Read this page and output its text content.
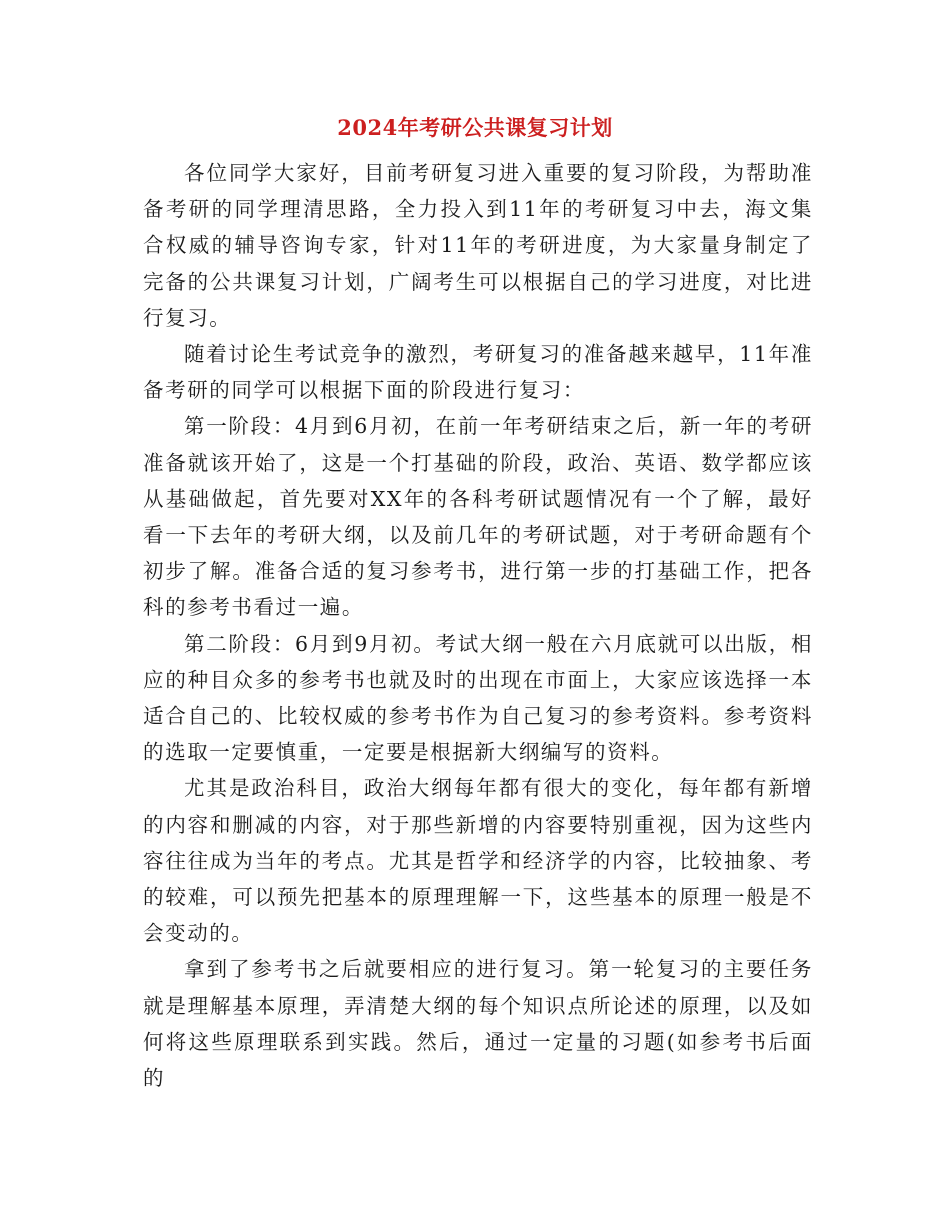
2024年考研公共课复习计划

各位同学大家好，目前考研复习进入重要的复习阶段，为帮助准备考研的同学理清思路，全力投入到11年的考研复习中去，海文集合权威的辅导咨询专家，针对11年的考研进度，为大家量身制定了完备的公共课复习计划，广阔考生可以根据自己的学习进度，对比进行复习。

随着讨论生考试竞争的激烈，考研复习的准备越来越早，11年准备考研的同学可以根据下面的阶段进行复习：

第一阶段：4月到6月初，在前一年考研结束之后，新一年的考研准备就该开始了，这是一个打基础的阶段，政治、英语、数学都应该从基础做起，首先要对XX年的各科考研试题情况有一个了解，最好看一下去年的考研大纲，以及前几年的考研试题，对于考研命题有个初步了解。准备合适的复习参考书，进行第一步的打基础工作，把各科的参考书看过一遍。

第二阶段：6月到9月初。考试大纲一般在六月底就可以出版，相应的种目众多的参考书也就及时的出现在市面上，大家应该选择一本适合自己的、比较权威的参考书作为自己复习的参考资料。参考资料的选取一定要慎重，一定要是根据新大纲编写的资料。

尤其是政治科目，政治大纲每年都有很大的变化，每年都有新增的内容和删减的内容，对于那些新增的内容要特别重视，因为这些内容往往成为当年的考点。尤其是哲学和经济学的内容，比较抽象、考的较难，可以预先把基本的原理理解一下，这些基本的原理一般是不会变动的。

拿到了参考书之后就要相应的进行复习。第一轮复习的主要任务就是理解基本原理，弄清楚大纲的每个知识点所论述的原理，以及如何将这些原理联系到实践。然后，通过一定量的习题(如参考书后面的
